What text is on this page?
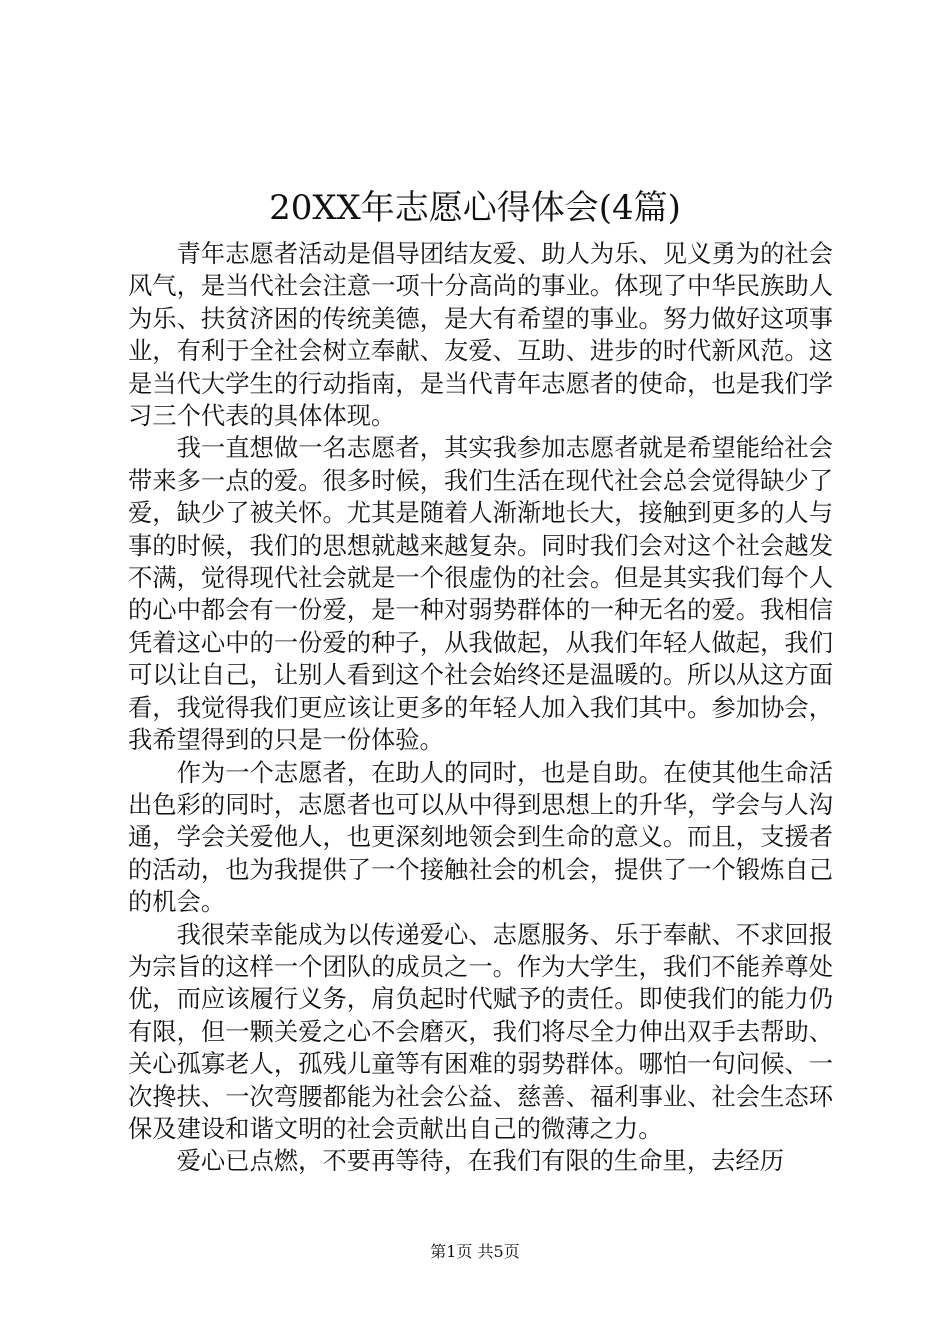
20XX年志愿心得体会(4篇)

青年志愿者活动是倡导团结友爱、助人为乐、见义勇为的社会风气，是当代社会注意一项十分高尚的事业。体现了中华民族助人为乐、扶贫济困的传统美德，是大有希望的事业。努力做好这项事业，有利于全社会树立奉献、友爱、互助、进步的时代新风范。这是当代大学生的行动指南，是当代青年志愿者的使命，也是我们学习三个代表的具体体现。

我一直想做一名志愿者，其实我参加志愿者就是希望能给社会带来多一点的爱。很多时候，我们生活在现代社会总会觉得缺少了爱，缺少了被关怀。尤其是随着人渐渐地长大，接触到更多的人与事的时候，我们的思想就越来越复杂。同时我们会对这个社会越发不满，觉得现代社会就是一个很虚伪的社会。但是其实我们每个人的心中都会有一份爱，是一种对弱势群体的一种无名的爱。我相信凭着这心中的一份爱的种子，从我做起，从我们年轻人做起，我们可以让自己，让别人看到这个社会始终还是温暖的。所以从这方面看，我觉得我们更应该让更多的年轻人加入我们其中。参加协会，我希望得到的只是一份体验。

作为一个志愿者，在助人的同时，也是自助。在使其他生命活出色彩的同时，志愿者也可以从中得到思想上的升华，学会与人沟通，学会关爱他人，也更深刻地领会到生命的意义。而且，支援者的活动，也为我提供了一个接触社会的机会，提供了一个锻炼自己的机会。

我很荣幸能成为以传递爱心、志愿服务、乐于奉献、不求回报为宗旨的这样一个团队的成员之一。作为大学生，我们不能养尊处优，而应该履行义务，肩负起时代赋予的责任。即使我们的能力仍有限，但一颗关爱之心不会磨灭，我们将尽全力伸出双手去帮助、关心孤寡老人，孤残儿童等有困难的弱势群体。哪怕一句问候、一次搀扶、一次弯腰都能为社会公益、慈善、福利事业、社会生态环保及建设和谐文明的社会贡献出自己的微薄之力。

爱心已点燃，不要再等待，在我们有限的生命里，去经历

第1页 共5页
